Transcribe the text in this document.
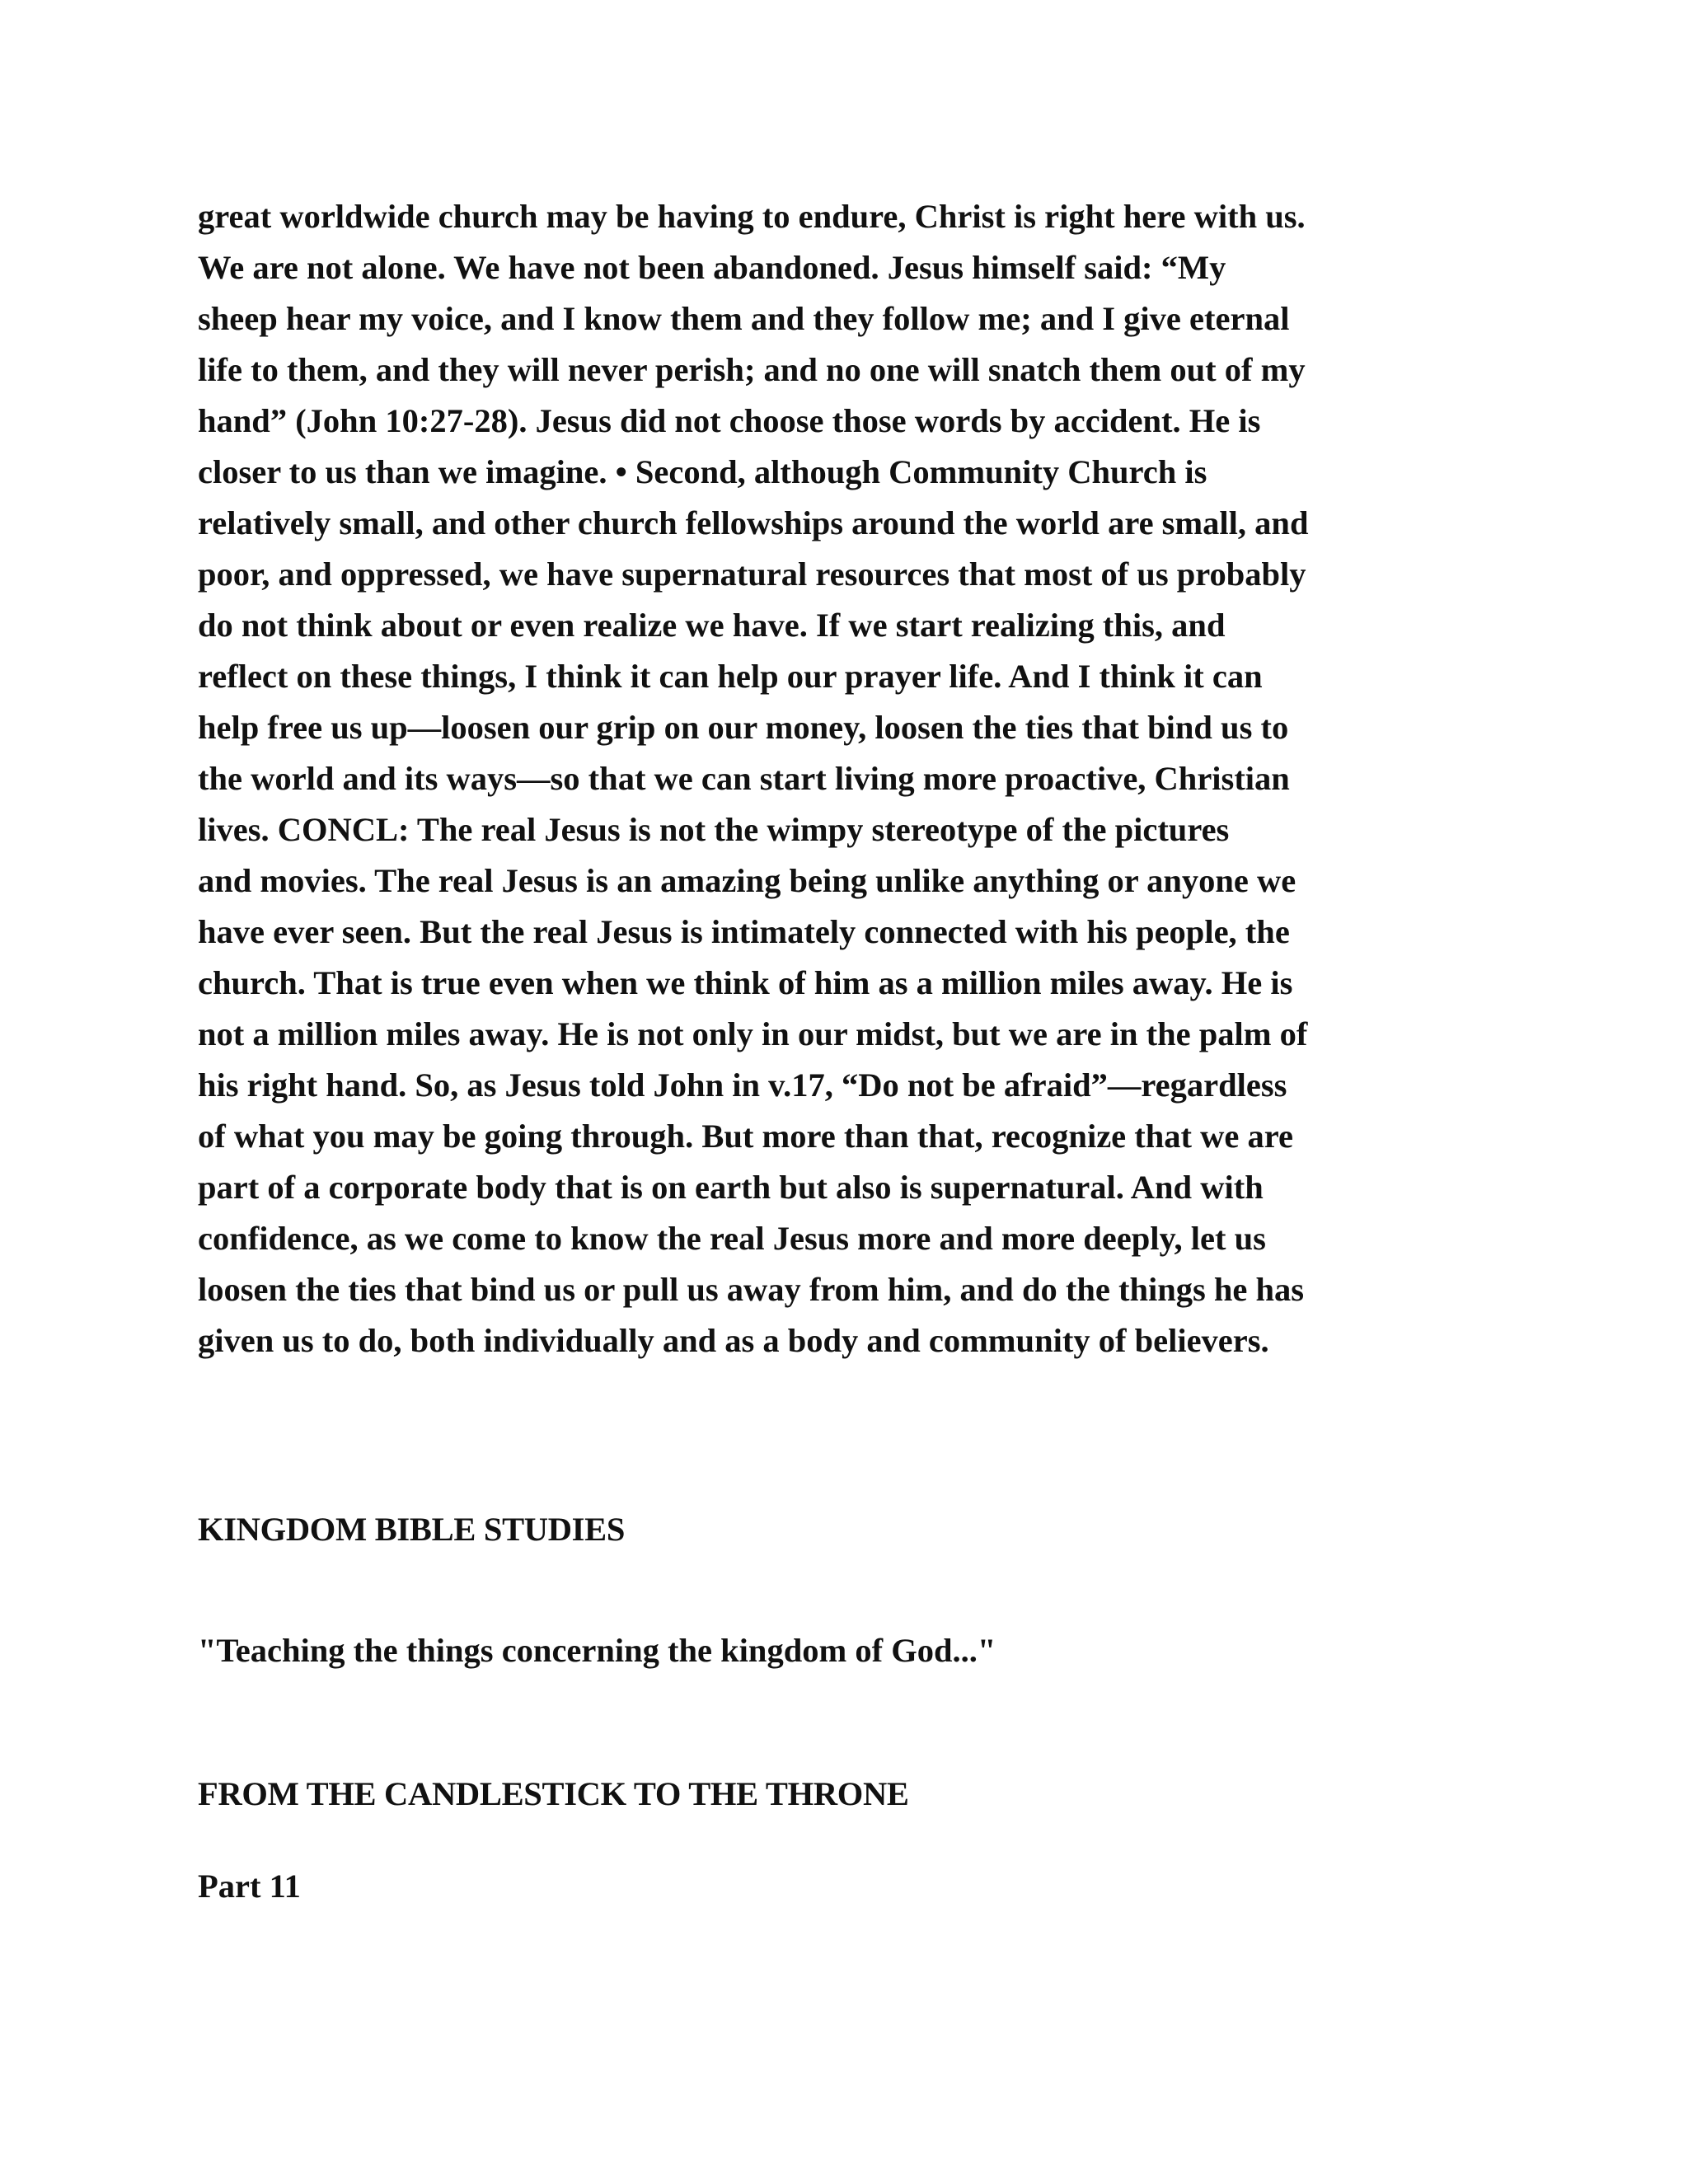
great worldwide church may be having to endure, Christ is right here with us.
We are not alone. We have not been abandoned. Jesus himself said: “My
sheep hear my voice, and I know them and they follow me; and I give eternal
life to them, and they will never perish; and no one will snatch them out of my
hand” (John 10:27-28). Jesus did not choose those words by accident. He is
closer to us than we imagine. • Second, although Community Church is
relatively small, and other church fellowships around the world are small, and
poor, and oppressed, we have supernatural resources that most of us probably
do not think about or even realize we have. If we start realizing this, and
reflect on these things, I think it can help our prayer life. And I think it can
help free us up—loosen our grip on our money, loosen the ties that bind us to
the world and its ways—so that we can start living more proactive, Christian
lives. CONCL: The real Jesus is not the wimpy stereotype of the pictures
and movies. The real Jesus is an amazing being unlike anything or anyone we
have ever seen. But the real Jesus is intimately connected with his people, the
church. That is true even when we think of him as a million miles away. He is
not a million miles away. He is not only in our midst, but we are in the palm of
his right hand. So, as Jesus told John in v.17, “Do not be afraid”—regardless
of what you may be going through. But more than that, recognize that we are
part of a corporate body that is on earth but also is supernatural. And with
confidence, as we come to know the real Jesus more and more deeply, let us
loosen the ties that bind us or pull us away from him, and do the things he has
given us to do, both individually and as a body and community of believers.
KINGDOM BIBLE STUDIES
"Teaching the things concerning the kingdom of God..."
FROM THE CANDLESTICK TO THE THRONE
Part 11
